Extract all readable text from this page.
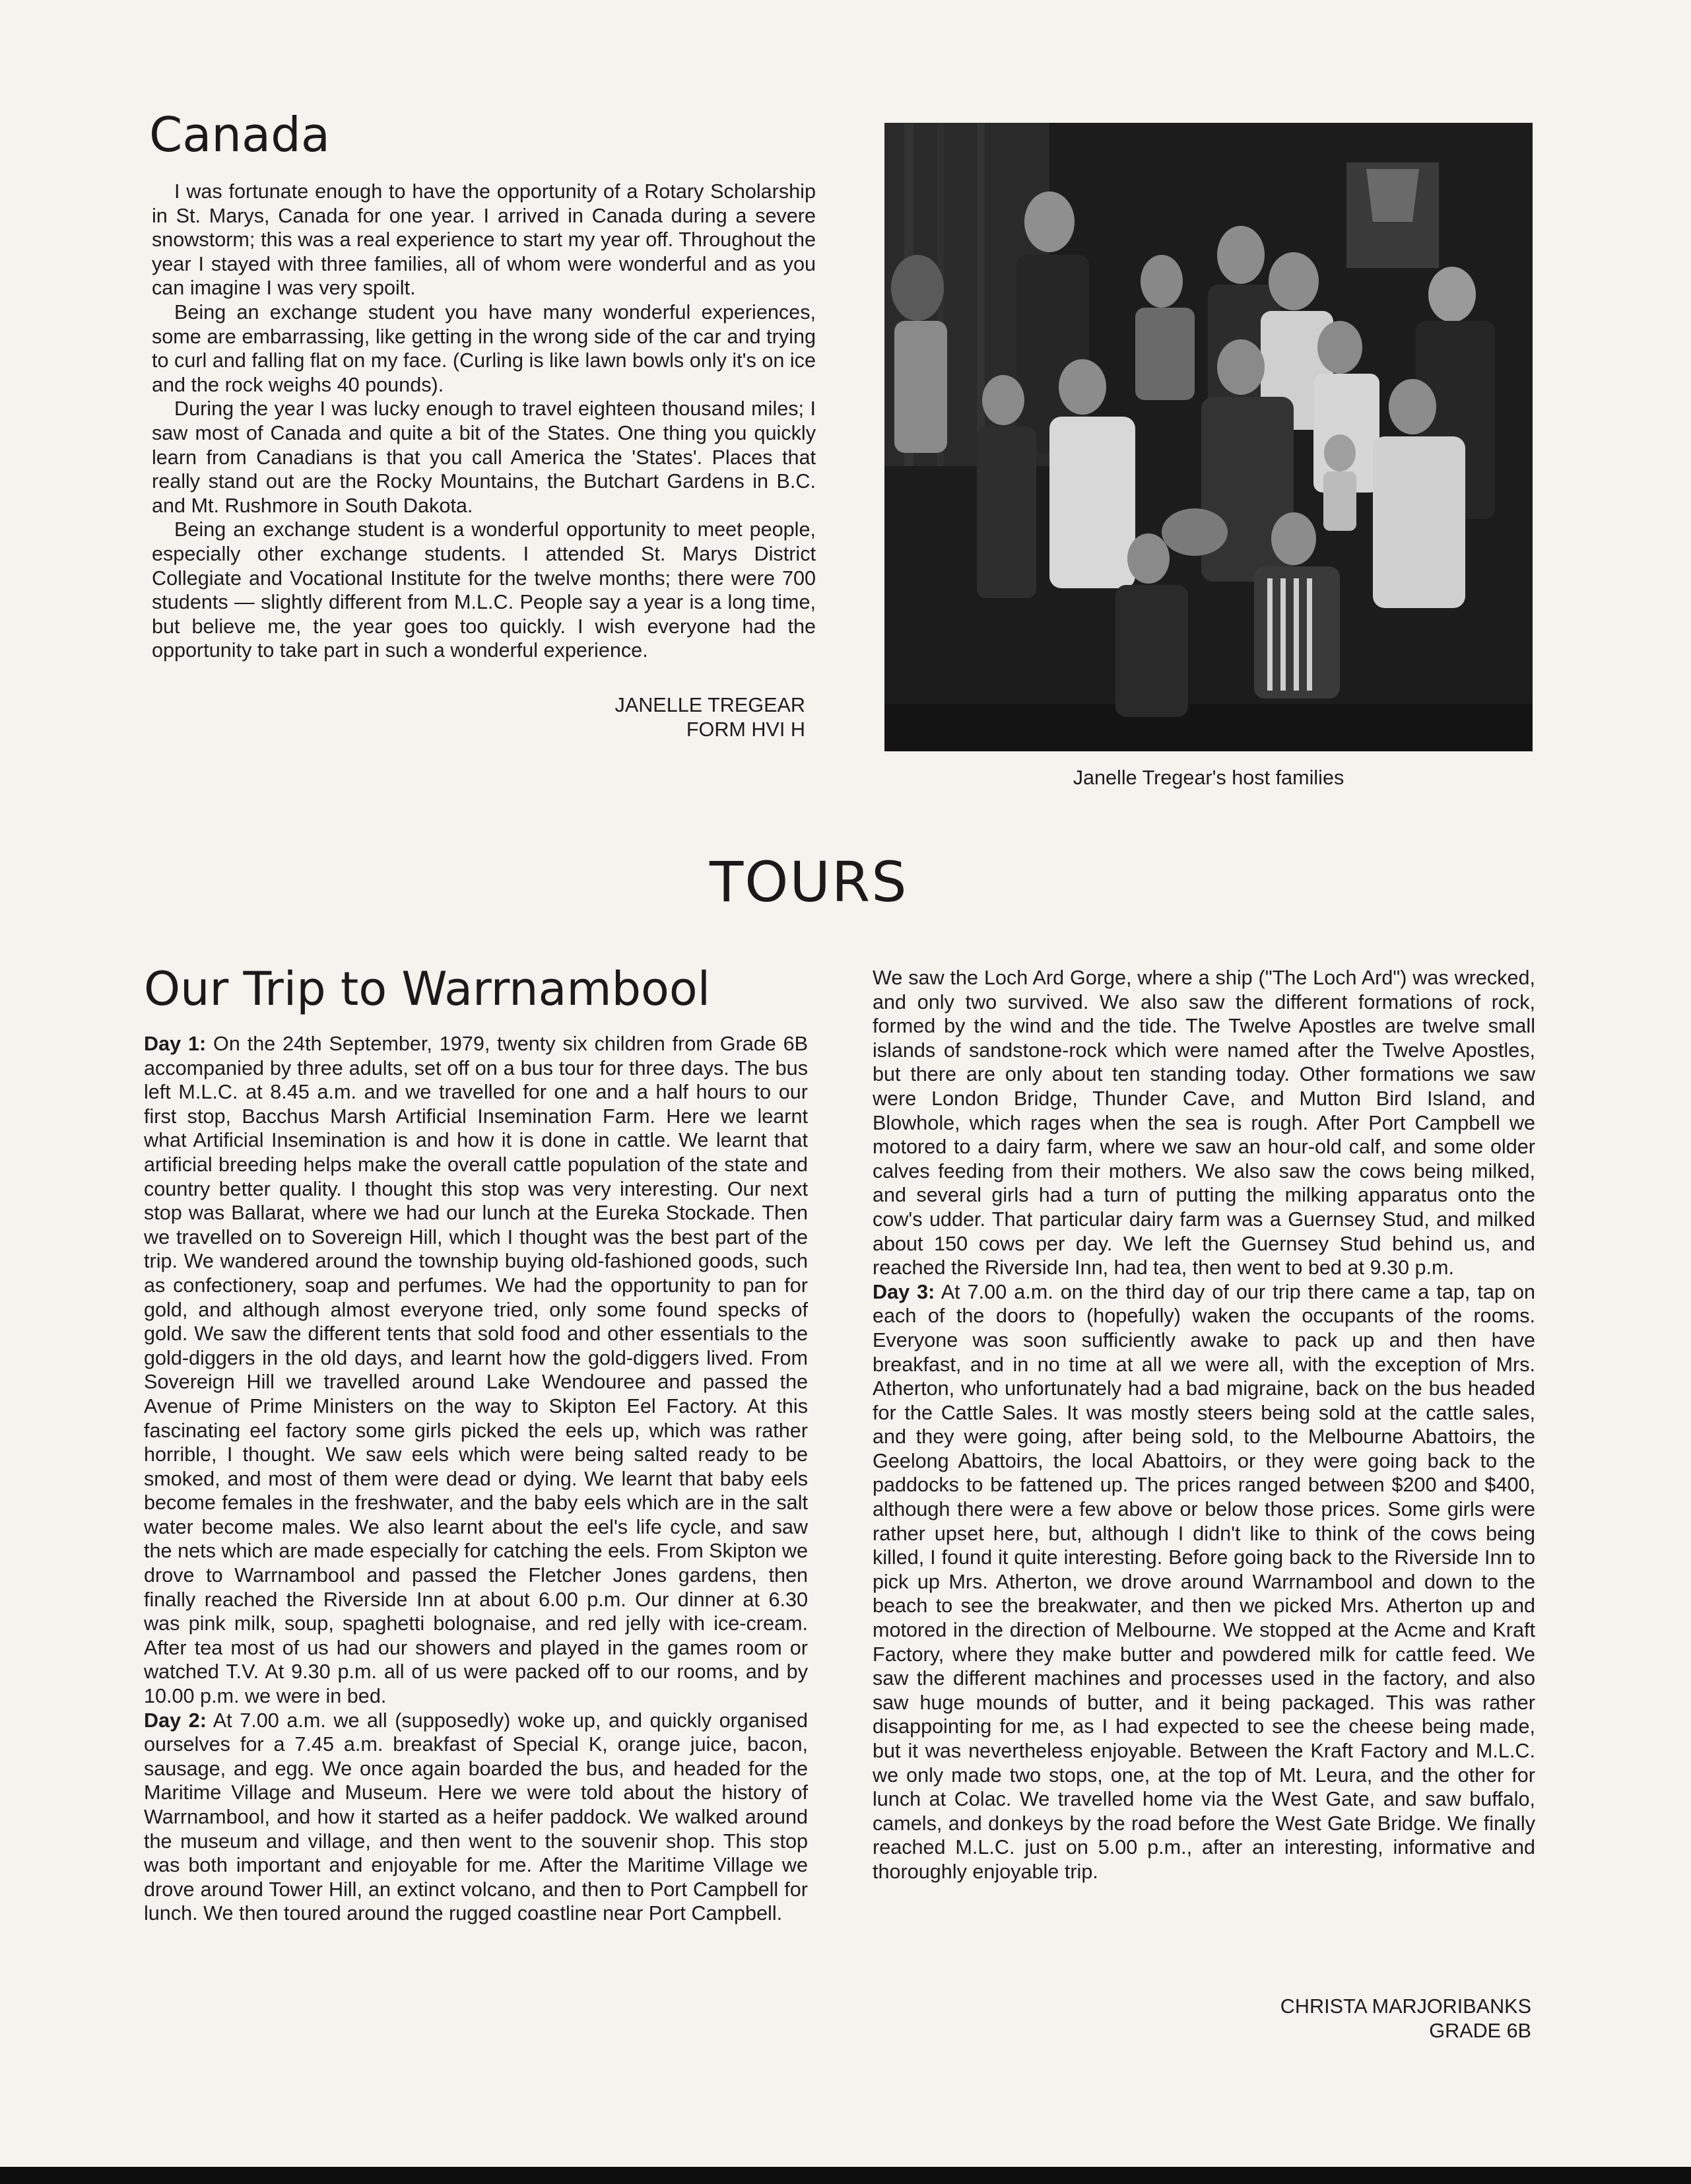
Canada

I was fortunate enough to have the opportunity of a Rotary Scholarship in St. Marys, Canada for one year. I arrived in Canada during a severe snowstorm; this was a real experience to start my year off. Throughout the year I stayed with three families, all of whom were wonderful and as you can imagine I was very spoilt.

Being an exchange student you have many wonderful experiences, some are embarrassing, like getting in the wrong side of the car and trying to curl and falling flat on my face. (Curling is like lawn bowls only it's on ice and the rock weighs 40 pounds).

During the year I was lucky enough to travel eighteen thousand miles; I saw most of Canada and quite a bit of the States. One thing you quickly learn from Canadians is that you call America the 'States'. Places that really stand out are the Rocky Mountains, the Butchart Gardens in B.C. and Mt. Rushmore in South Dakota.

Being an exchange student is a wonderful opportunity to meet people, especially other exchange students. I attended St. Marys District Collegiate and Vocational Institute for the twelve months; there were 700 students — slightly different from M.L.C. People say a year is a long time, but believe me, the year goes too quickly. I wish everyone had the opportunity to take part in such a wonderful experience.

JANELLE TREGEAR
FORM HVI H

Janelle Tregear's host families

TOURS
Our Trip to Warrnambool

Day 1: On the 24th September, 1979, twenty six children from Grade 6B accompanied by three adults, set off on a bus tour for three days. The bus left M.L.C. at 8.45 a.m. and we travelled for one and a half hours to our first stop, Bacchus Marsh Artificial Insemination Farm. Here we learnt what Artificial Insemination is and how it is done in cattle. We learnt that artificial breeding helps make the overall cattle population of the state and country better quality. I thought this stop was very interesting. Our next stop was Ballarat, where we had our lunch at the Eureka Stockade. Then we travelled on to Sovereign Hill, which I thought was the best part of the trip. We wandered around the township buying old-fashioned goods, such as confectionery, soap and perfumes. We had the opportunity to pan for gold, and although almost everyone tried, only some found specks of gold. We saw the different tents that sold food and other essentials to the gold-diggers in the old days, and learnt how the gold-diggers lived. From Sovereign Hill we travelled around Lake Wendouree and passed the Avenue of Prime Ministers on the way to Skipton Eel Factory. At this fascinating eel factory some girls picked the eels up, which was rather horrible, I thought. We saw eels which were being salted ready to be smoked, and most of them were dead or dying. We learnt that baby eels become females in the freshwater, and the baby eels which are in the salt water become males. We also learnt about the eel's life cycle, and saw the nets which are made especially for catching the eels. From Skipton we drove to Warrnambool and passed the Fletcher Jones gardens, then finally reached the Riverside Inn at about 6.00 p.m. Our dinner at 6.30 was pink milk, soup, spaghetti bolognaise, and red jelly with ice-cream. After tea most of us had our showers and played in the games room or watched T.V. At 9.30 p.m. all of us were packed off to our rooms, and by 10.00 p.m. we were in bed.

Day 2: At 7.00 a.m. we all (supposedly) woke up, and quickly organised ourselves for a 7.45 a.m. breakfast of Special K, orange juice, bacon, sausage, and egg. We once again boarded the bus, and headed for the Maritime Village and Museum. Here we were told about the history of Warrnambool, and how it started as a heifer paddock. We walked around the museum and village, and then went to the souvenir shop. This stop was both important and enjoyable for me. After the Maritime Village we drove around Tower Hill, an extinct volcano, and then to Port Campbell for lunch. We then toured around the rugged coastline near Port Campbell.

We saw the Loch Ard Gorge, where a ship ("The Loch Ard") was wrecked, and only two survived. We also saw the different formations of rock, formed by the wind and the tide. The Twelve Apostles are twelve small islands of sandstone-rock which were named after the Twelve Apostles, but there are only about ten standing today. Other formations we saw were London Bridge, Thunder Cave, and Mutton Bird Island, and Blowhole, which rages when the sea is rough. After Port Campbell we motored to a dairy farm, where we saw an hour-old calf, and some older calves feeding from their mothers. We also saw the cows being milked, and several girls had a turn of putting the milking apparatus onto the cow's udder. That particular dairy farm was a Guernsey Stud, and milked about 150 cows per day. We left the Guernsey Stud behind us, and reached the Riverside Inn, had tea, then went to bed at 9.30 p.m.

Day 3: At 7.00 a.m. on the third day of our trip there came a tap, tap on each of the doors to (hopefully) waken the occupants of the rooms. Everyone was soon sufficiently awake to pack up and then have breakfast, and in no time at all we were all, with the exception of Mrs. Atherton, who unfortunately had a bad migraine, back on the bus headed for the Cattle Sales. It was mostly steers being sold at the cattle sales, and they were going, after being sold, to the Melbourne Abattoirs, the Geelong Abattoirs, the local Abattoirs, or they were going back to the paddocks to be fattened up. The prices ranged between $200 and $400, although there were a few above or below those prices. Some girls were rather upset here, but, although I didn't like to think of the cows being killed, I found it quite interesting. Before going back to the Riverside Inn to pick up Mrs. Atherton, we drove around Warrnambool and down to the beach to see the breakwater, and then we picked Mrs. Atherton up and motored in the direction of Melbourne. We stopped at the Acme and Kraft Factory, where they make butter and powdered milk for cattle feed. We saw the different machines and processes used in the factory, and also saw huge mounds of butter, and it being packaged. This was rather disappointing for me, as I had expected to see the cheese being made, but it was nevertheless enjoyable. Between the Kraft Factory and M.L.C. we only made two stops, one, at the top of Mt. Leura, and the other for lunch at Colac. We travelled home via the West Gate, and saw buffalo, camels, and donkeys by the road before the West Gate Bridge. We finally reached M.L.C. just on 5.00 p.m., after an interesting, informative and thoroughly enjoyable trip.

CHRISTA MARJORIBANKS
GRADE 6B
